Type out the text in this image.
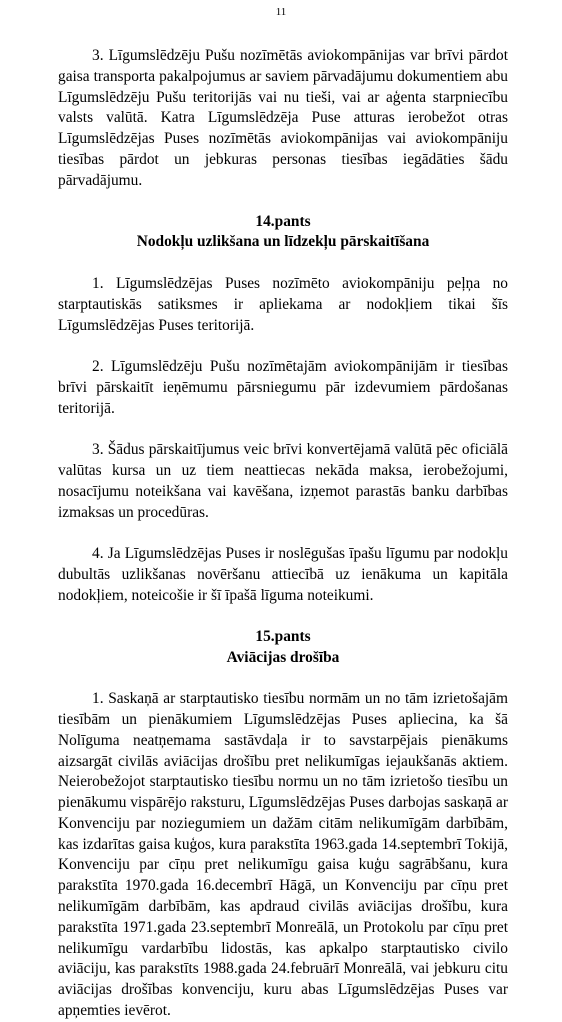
11

3. Līgumslēdzēju Pušu nozīmētās aviokompānijas var brīvi pārdot gaisa transporta pakalpojumus ar saviem pārvadājumu dokumentiem abu Līgumslēdzēju Pušu teritorijās vai nu tieši, vai ar aģenta starpniecību valsts valūtā. Katra Līgumslēdzēja Puse atturas ierobežot otras Līgumslēdzējas Puses nozīmētās aviokompānijas vai aviokompāniju tiesības pārdot un jebkuras personas tiesības iegādāties šādu pārvadājumu.

14.pants

Nodokļu uzlikšana un līdzekļu pārskaitīšana

1. Līgumslēdzējas Puses nozīmēto aviokompāniju peļņa no starptautiskās satiksmes ir apliekama ar nodokļiem tikai šīs Līgumslēdzējas Puses teritorijā.

2. Līgumslēdzēju Pušu nozīmētajām aviokompānijām ir tiesības brīvi pārskaitīt ieņēmumu pārsniegumu pār izdevumiem pārdošanas teritorijā.

3. Šādus pārskaitījumus veic brīvi konvertējamā valūtā pēc oficiālā valūtas kursa un uz tiem neattiecas nekāda maksa, ierobežojumi, nosacījumu noteikšana vai kavēšana, izņemot parastās banku darbības izmaksas un procedūras.

4. Ja Līgumslēdzējas Puses ir noslēgušas īpašu līgumu par nodokļu dubultās uzlikšanas novēršanu attiecībā uz ienākuma un kapitāla nodokļiem, noteicošie ir šī īpašā līguma noteikumi.

15.pants

Aviācijas drošība

1. Saskaņā ar starptautisko tiesību normām un no tām izrietošajām tiesībām un pienākumiem Līgumslēdzējas Puses apliecina, ka šā Nolīguma neatņemama sastāvdaļa ir to savstarpējais pienākums aizsargāt civilās aviācijas drošību pret nelikumīgas iejaukšanās aktiem. Neierobežojot starptautisko tiesību normu un no tām izrietošo tiesību un pienākumu vispārējo raksturu, Līgumslēdzējas Puses darbojas saskaņā ar Konvenciju par noziegumiem un dažām citām nelikumīgām darbībām, kas izdarītas gaisa kuģos, kura parakstīta 1963.gada 14.septembrī Tokijā, Konvenciju par cīņu pret nelikumīgu gaisa kuģu sagrābšanu, kura parakstīta 1970.gada 16.decembrī Hāgā, un Konvenciju par cīņu pret nelikumīgām darbībām, kas apdraud civilās aviācijas drošību, kura parakstīta 1971.gada 23.septembrī Monreālā, un Protokolu par cīņu pret nelikumīgu vardarbību lidostās, kas apkalpo starptautisko civilo aviāciju, kas parakstīts 1988.gada 24.februārī Monreālā, vai jebkuru citu aviācijas drošības konvenciju, kuru abas Līgumslēdzējas Puses var apņemties ievērot.
